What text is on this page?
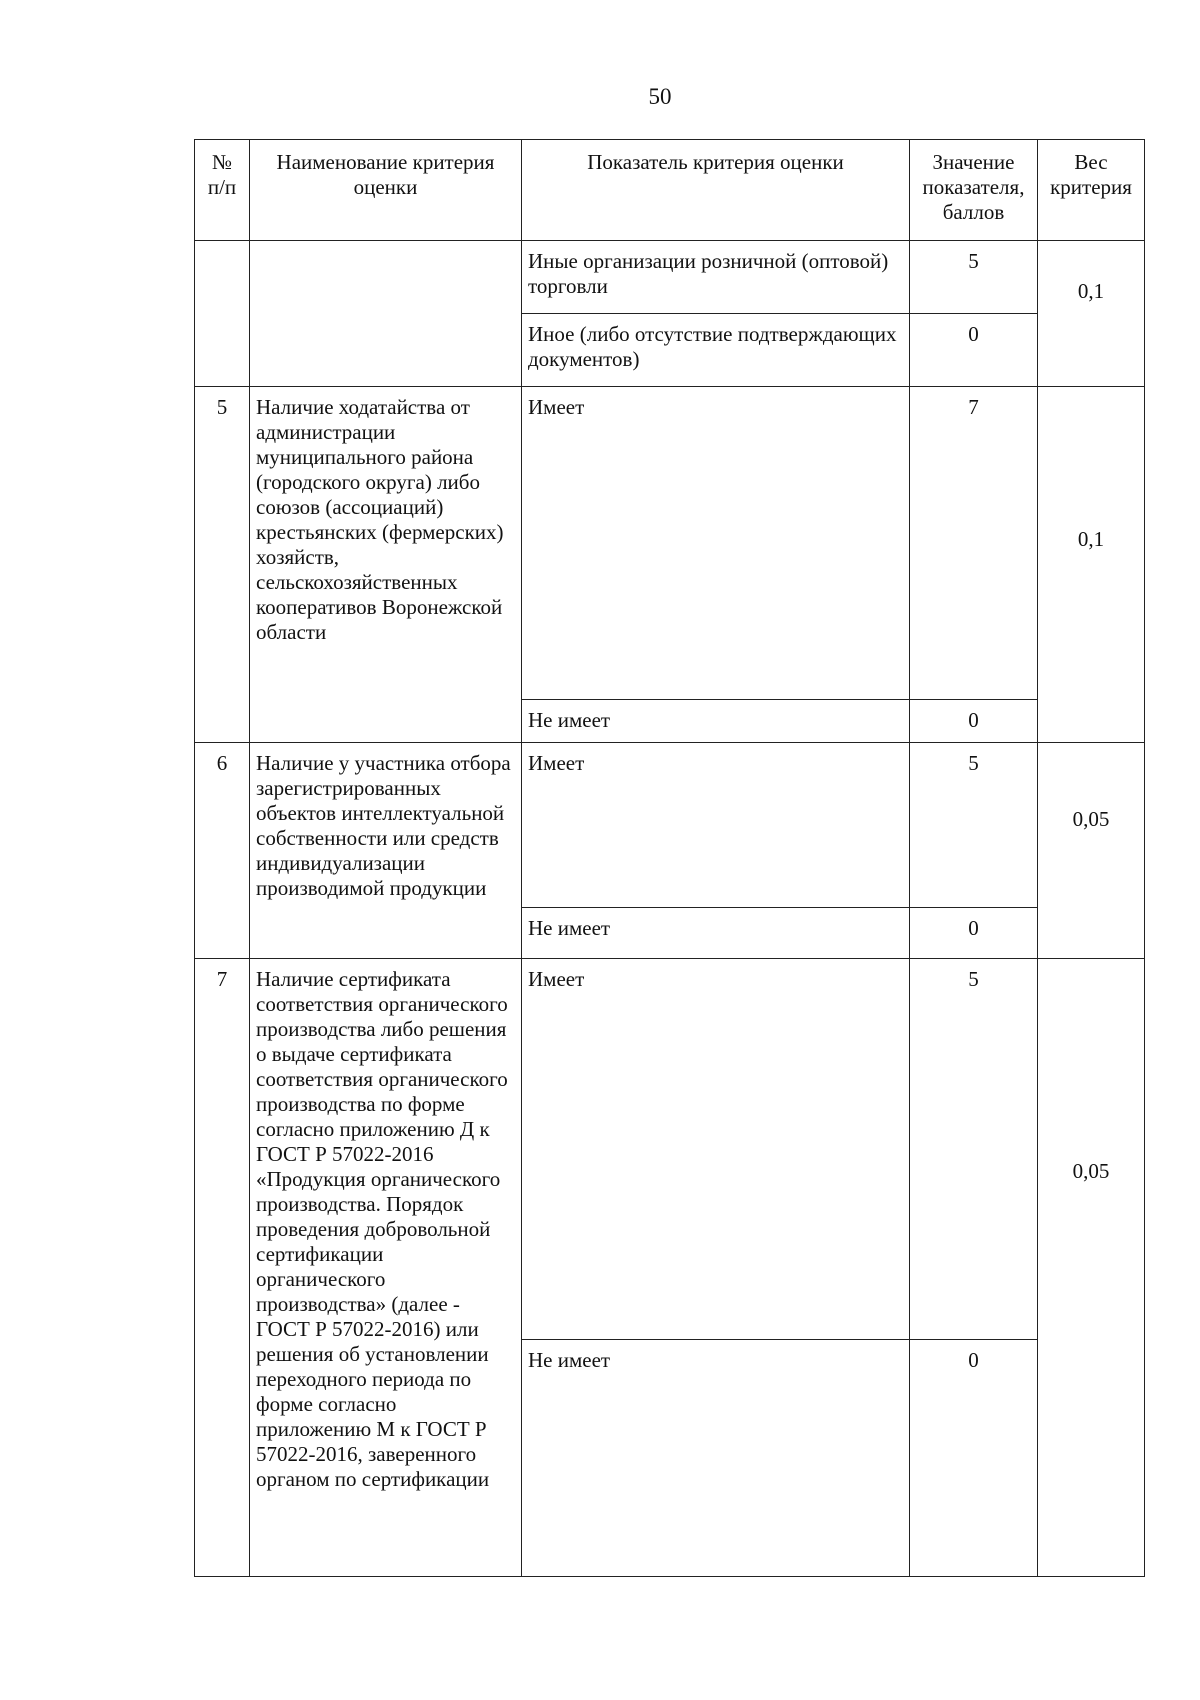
50
№ п/п	Наименование критерия оценки	Показатель критерия оценки	Значение показателя, баллов	Вес критерия
		Иные организации розничной (оптовой) торговли	5	0,1
		Иное (либо отсутствие подтверждающих документов)	0	
5	Наличие ходатайства от администрации муниципального района (городского округа) либо союзов (ассоциаций) крестьянских (фермерских) хозяйств, сельскохозяйственных кооперативов Воронежской области	Имеет	7	0,1
		Не имеет	0	
6	Наличие у участника отбора зарегистрированных объектов интеллектуальной собственности или средств индивидуализации производимой продукции	Имеет	5	0,05
		Не имеет	0	
7	Наличие сертификата соответствия органического производства либо решения о выдаче сертификата соответствия органического производства по форме согласно приложению Д к ГОСТ Р 57022-2016 «Продукция органического производства. Порядок проведения добровольной сертификации органического производства» (далее - ГОСТ Р 57022-2016) или решения об установлении переходного периода по форме согласно приложению М к ГОСТ Р 57022-2016, заверенного органом по сертификации	Имеет	5	0,05
		Не имеет	0	
